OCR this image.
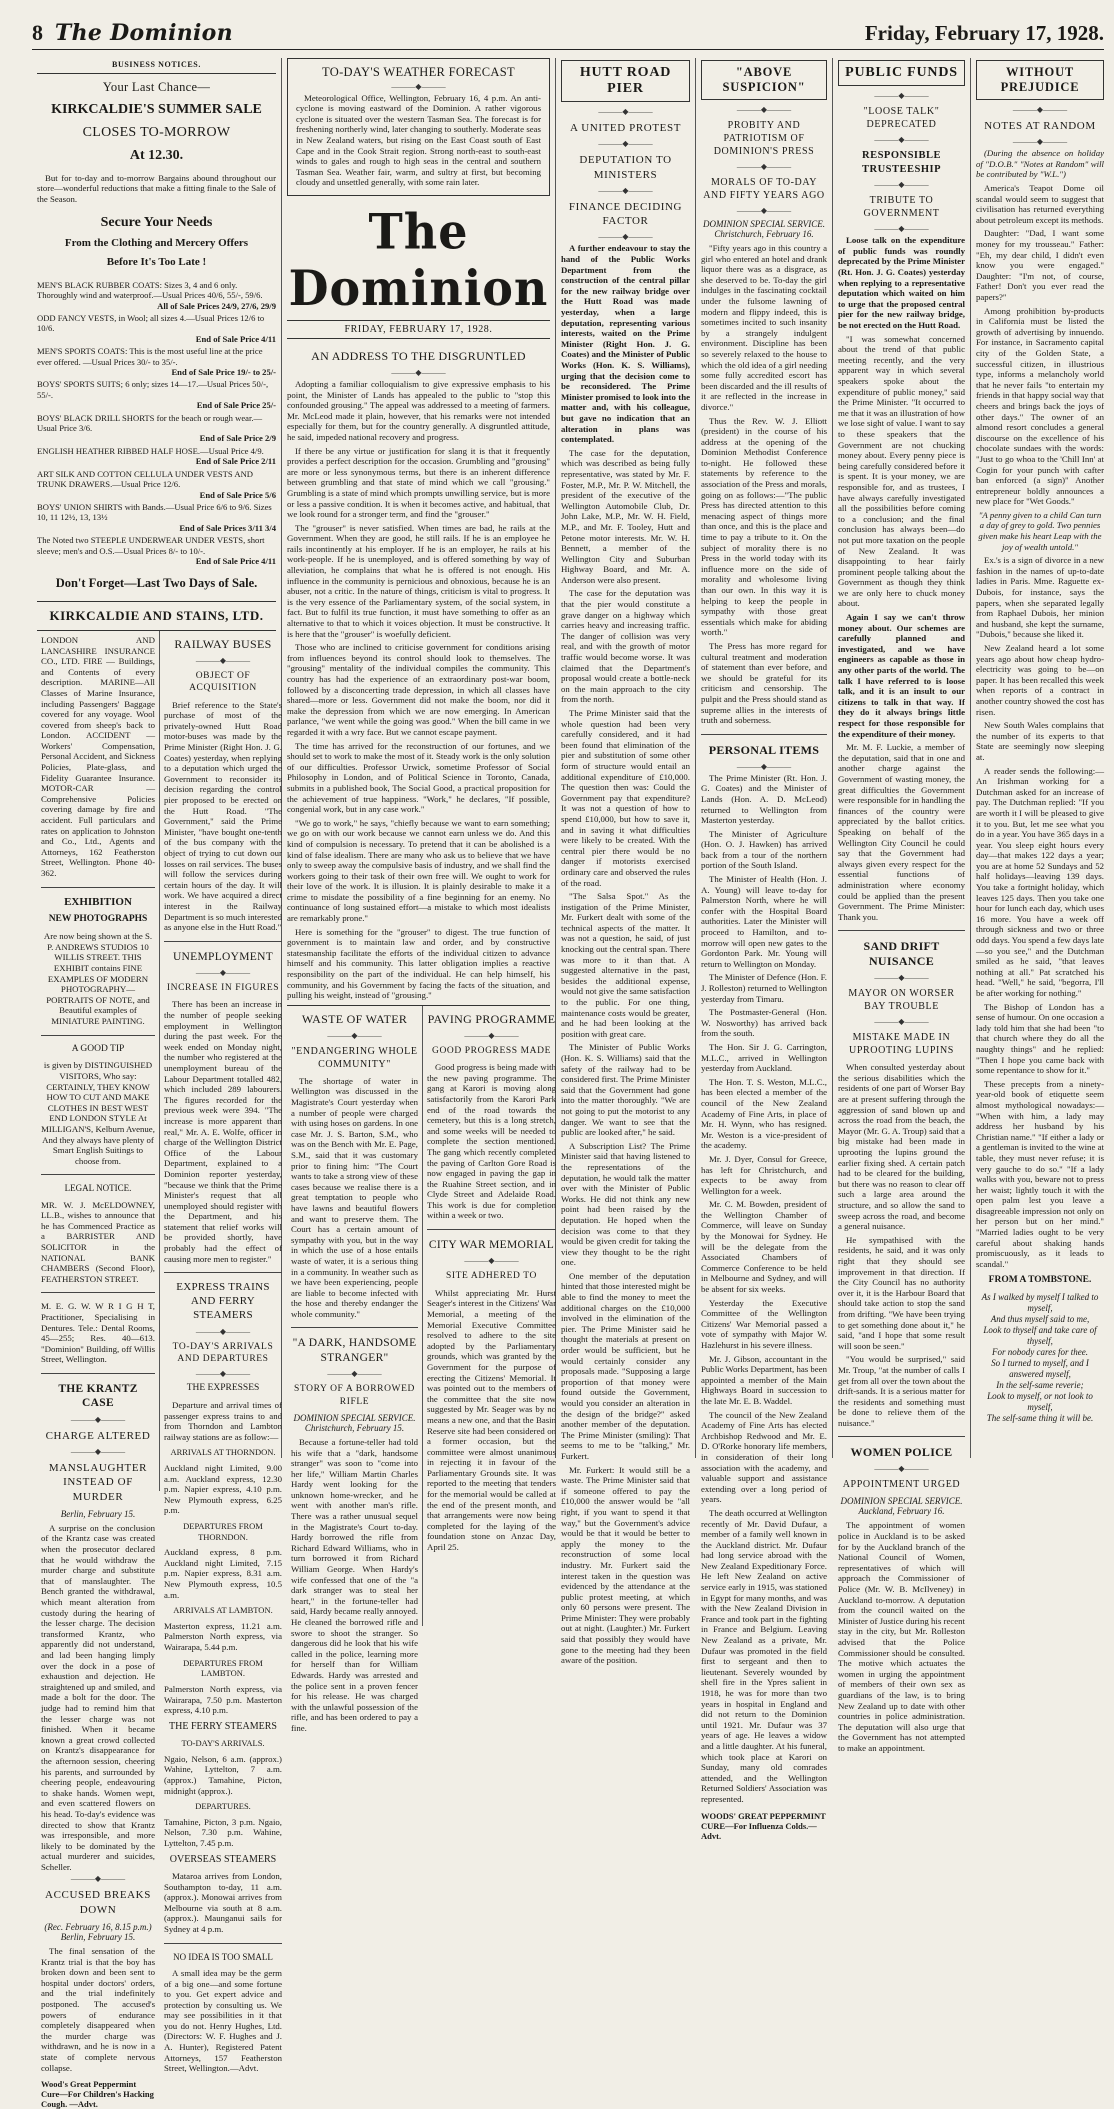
8 The Dominion	Friday, February 17, 1928.
BUSINESS NOTICES.
Your Last Chance—
KIRKCALDIE'S SUMMER SALE
CLOSES TO-MORROW
At 12.30.

But for to-day and to-morrow Bargains abound throughout our store—wonderful reductions that make a fitting finale to the Sale of the Season.

Secure Your Needs
From the Clothing and Mercery Offers
Before It's Too Late !

MEN'S BLACK RUBBER COATS: Sizes 3, 4 and 6 only. Thoroughly wind and waterproof.—Usual Prices 40/6, 55/-, 59/6.

All of Sale Prices 24/9, 27/6, 29/9

ODD FANCY VESTS, in Wool; all sizes 4.—Usual Prices 12/6 to 10/6.

End of Sale Price 4/11

MEN'S SPORTS COATS: This is the most useful line at the price ever offered. —Usual Prices 30/- to 35/-.

End of Sale Price 19/- to 25/-

BOYS' SPORTS SUITS; 6 only; sizes 14—17.—Usual Prices 50/-, 55/-.

End of Sale Price 25/-

BOYS' BLACK DRILL SHORTS for the beach or rough wear.—Usual Price 3/6.

End of Sale Price 2/9

ENGLISH HEATHER RIBBED HALF HOSE.—Usual Price 4/9.

End of Sale Price 2/11

ART SILK AND COTTON CELLULA UNDER VESTS AND TRUNK DRAWERS.—Usual Price 12/6.

End of Sale Price 5/6

BOYS' UNION SHIRTS with Bands.—Usual Price 6/6 to 9/6. Sizes 10, 11 12½, 13, 13½

End of Sale Prices 3/11 3/4

The Noted two STEEPLE UNDERWEAR UNDER VESTS, short sleeve; men's and O.S.—Usual Prices 8/- to 10/-.

End of Sale Price 4/11

Don't Forget—Last Two Days of Sale.
KIRKCALDIE AND STAINS, LTD.

LONDON AND LANCASHIRE INSURANCE CO., LTD. FIRE — Buildings, and Contents of every description. MARINE—All Classes of Marine Insurance, including Passengers' Baggage covered for any voyage. Wool covered from sheep's back to London. ACCIDENT — Workers' Compensation, Personal Accident, and Sickness Policies, Plate-glass, and Fidelity Guarantee Insurance. MOTOR-CAR — Comprehensive Policies covering damage by fire and accident. Full particulars and rates on application to Johnston and Co., Ltd., Agents and Attorneys, 162 Featherston Street, Wellington. Phone 40-362.

EXHIBITION
NEW PHOTOGRAPHS

Are now being shown at the S. P. ANDREWS STUDIOS 10 WILLIS STREET. THIS EXHIBIT contains FINE EXAMPLES OF MODERN PHOTOGRAPHY—PORTRAITS OF NOTE, and Beautiful examples of MINIATURE PAINTING.

A GOOD TIP

is given by DISTINGUISHED VISITORS, Who say: CERTAINLY, THEY KNOW HOW TO CUT AND MAKE CLOTHES IN BEST WEST END LONDON STYLE At MILLIGAN'S, Kelburn Avenue, And they always have plenty of Smart English Suitings to choose from.

LEGAL NOTICE.

MR. W. J. McELDOWNEY, LL.B., wishes to announce that he has Commenced Practice as a BARRISTER AND SOLICITOR in the NATIONAL BANK CHAMBERS (Second Floor), FEATHERSTON STREET.

M. E. G. W. W R I G H T, Practitioner, Specialising in Dentures. Tele.: Dental Rooms, 45—255; Res. 40—613. "Dominion" Building, off Willis Street, Wellington.

THE KRANTZ CASE
———◆———
CHARGE ALTERED
———◆———
MANSLAUGHTER INSTEAD OF MURDER
Berlin, February 15.

A surprise on the conclusion of the Krantz case was created when the prosecutor declared that he would withdraw the murder charge and substitute that of manslaughter. The Bench granted the withdrawal, which meant alteration from custody during the hearing of the lesser charge. The decision transformed Krantz, who apparently did not understand, and lad been hanging limply over the dock in a pose of exhaustion and dejection. He straightened up and smiled, and made a bolt for the door. The judge had to remind him that the lesser charge was not finished. When it became known a great crowd collected on Krantz's disappearance for the afternoon session, cheering his parents, and surrounded by cheering people, endeavouring to shake hands. Women wept, and even scattered flowers on his head. To-day's evidence was directed to show that Krantz was irresponsible, and more likely to be dominated by the actual murderer and suicides, Scheller.

———◆———
ACCUSED BREAKS DOWN
(Rec. February 16, 8.15 p.m.) Berlin, February 15.

The final sensation of the Krantz trial is that the boy has broken down and been sent to hospital under doctors' orders, and the trial indefinitely postponed. The accused's powers of endurance completely disappeared when the murder charge was withdrawn, and he is now in a state of complete nervous collapse.

Wood's Great Peppermint Cure—For Children's Hacking Cough. —Advt.
RAILWAY BUSES
———◆———
OBJECT OF ACQUISITION

Brief reference to the State's purchase of most of the privately-owned Hutt Road motor-buses was made by the Prime Minister (Right Hon. J. G. Coates) yesterday, when replying to a deputation which urged the Government to reconsider its decision regarding the control pier proposed to be erected on the Hutt Road. "The Government," said the Prime Minister, "have bought one-tenth of the bus company with the object of trying to cut down our losses on rail services. The buses will follow the services during certain hours of the day. It will work. We have acquired a direct interest in the Railway Department is so much interested as anyone else in the Hutt Road."

UNEMPLOYMENT
———◆———
INCREASE IN FIGURES

There has been an increase in the number of people seeking employment in Wellington during the past week. For the week ended on Monday night, the number who registered at the unemployment bureau of the Labour Department totalled 482, which included 289 labourers. The figures recorded for the previous week were 394. "The increase is more apparent than real," Mr. A. E. Wolfe, officer in charge of the Wellington District Office of the Labour Department, explained to a Dominion reporter yesterday, "because we think that the Prime Minister's request that all unemployed should register with the Department, and his statement that relief works will be provided shortly, have probably had the effect of causing more men to register."

EXPRESS TRAINS AND FERRY STEAMERS
———◆———
TO-DAY'S ARRIVALS AND DEPARTURES
———◆———
THE EXPRESSES

Departure and arrival times of passenger express trains to and from Thorndon and Lambton railway stations are as follow:—

ARRIVALS AT THORNDON.

Auckland night Limited, 9.00 a.m. Auckland express, 12.30 p.m. Napier express, 4.10 p.m. New Plymouth express, 6.25 p.m.

DEPARTURES FROM THORNDON.

Auckland express, 8 p.m. Auckland night Limited, 7.15 p.m. Napier express, 8.31 a.m. New Plymouth express, 10.5 a.m.

ARRIVALS AT LAMBTON.

Masterton express, 11.21 a.m. Palmerston North express, via Wairarapa, 5.44 p.m.

DEPARTURES FROM LAMBTON.

Palmerston North express, via Wairarapa, 7.50 p.m. Masterton express, 4.10 p.m.

THE FERRY STEAMERS
TO-DAY'S ARRIVALS.

Ngaio, Nelson, 6 a.m. (approx.) Wahine, Lyttelton, 7 a.m. (approx.) Tamahine, Picton, midnight (approx.).

DEPARTURES.

Tamahine, Picton, 3 p.m. Ngaio, Nelson, 7.30 p.m. Wahine, Lyttelton, 7.45 p.m.

OVERSEAS STEAMERS

Mataroa arrives from London, Southampton to-day, 11 a.m. (approx.). Monowai arrives from Melbourne via south at 8 a.m. (approx.). Maunganui sails for Sydney at 4 p.m.

NO IDEA IS TOO SMALL

A small idea may be the germ of a big one—and some fortune to you. Get expert advice and protection by consulting us. We may see possibilities in it that you do not. Henry Hughes, Ltd. (Directors: W. F. Hughes and J. A. Hunter), Registered Patent Attorneys, 157 Featherston Street, Wellington.—Advt.

TO-DAY'S WEATHER FORECAST
———◆———

Meteorological Office, Wellington, February 16, 4 p.m. An anti-cyclone is moving eastward of the Dominion. A rather vigorous cyclone is situated over the western Tasman Sea. The forecast is for freshening northerly wind, later changing to southerly. Moderate seas in New Zealand waters, but rising on the East Coast south of East Cape and in the Cook Strait region. Strong north-east to south-east winds to gales and rough to high seas in the central and southern Tasman Sea. Weather fair, warm, and sultry at first, but becoming cloudy and unsettled generally, with some rain later.

The Dominion
FRIDAY, FEBRUARY 17, 1928.
AN ADDRESS TO THE DISGRUNTLED
———◆———

Adopting a familiar colloquialism to give expressive emphasis to his point, the Minister of Lands has appealed to the public to "stop this confounded grousing." The appeal was addressed to a meeting of farmers. Mr. McLeod made it plain, however, that his remarks were not intended especially for them, but for the country generally. A disgruntled attitude, he said, impeded national recovery and progress.

If there be any virtue or justification for slang it is that it frequently provides a perfect description for the occasion. Grumbling and "grousing" are more or less synonymous terms, but there is an inherent difference between grumbling and that state of mind which we call "grousing." Grumbling is a state of mind which prompts unwilling service, but is more or less a passive condition. It is when it becomes active, and habitual, that we look round for a stronger term, and find the "grouser."

The "grouser" is never satisfied. When times are bad, he rails at the Government. When they are good, he still rails. If he is an employee he rails incontinently at his employer. If he is an employer, he rails at his work-people. If he is unemployed, and is offered something by way of alleviation, he complains that what he is offered is not enough. His influence in the community is pernicious and obnoxious, because he is an abuser, not a critic. In the nature of things, criticism is vital to progress. It is the very essence of the Parliamentary system, of the social system, in fact. But to fulfil its true function, it must have something to offer as an alternative to that to which it voices objection. It must be constructive. It is here that the "grouser" is woefully deficient.

Those who are inclined to criticise government for conditions arising from influences beyond its control should look to themselves. The "grousing" mentality of the individual compiles the community. This country has had the experience of an extraordinary post-war boom, followed by a disconcerting trade depression, in which all classes have shared—more or less. Government did not make the boom, nor did it make the depression from which we are now emerging. In American parlance, "we went while the going was good." When the bill came in we regarded it with a wry face. But we cannot escape payment.

The time has arrived for the reconstruction of our fortunes, and we should set to work to make the most of it. Steady work is the only solution of our difficulties. Professor Urwick, sometime Professor of Social Philosophy in London, and of Political Science in Toronto, Canada, submits in a published book, The Social Good, a practical proposition for the achievement of true happiness. "Work," he declares, "If possible, congenial work, but in any case work."

"We go to work," he says, "chiefly because we want to earn something; we go on with our work because we cannot earn unless we do. And this kind of compulsion is necessary. To pretend that it can be abolished is a kind of false idealism. There are many who ask us to believe that we have only to sweep away the compulsive basis of industry, and we shall find the workers going to their task of their own free will. We ought to work for their love of the work. It is illusion. It is plainly desirable to make it a crime to misdate the possibility of a fine beginning for an enemy. No continuance of long sustained effort—a mistake to which most idealists are remarkably prone."

Here is something for the "grouser" to digest. The true function of government is to maintain law and order, and by constructive statesmanship facilitate the efforts of the individual citizen to advance himself and his community. This latter obligation implies a reactive responsibility on the part of the individual. He can help himself, his community, and his Government by facing the facts of the situation, and pulling his weight, instead of "grousing."

WASTE OF WATER
———◆———
"ENDANGERING WHOLE COMMUNITY"

The shortage of water in Wellington was discussed in the Magistrate's Court yesterday when a number of people were charged with using hoses on gardens. In one case Mr. J. S. Barton, S.M., who was on the Bench with Mr. E. Page, S.M., said that it was customary prior to fining him: "The Court wants to take a strong view of these cases because we realise there is a great temptation to people who have lawns and beautiful flowers and want to preserve them. The Court has a certain amount of sympathy with you, but in the way in which the use of a hose entails waste of water, it is a serious thing in a community. In weather such as we have been experiencing, people are liable to become infected with the hose and thereby endanger the whole community."

"A DARK, HANDSOME STRANGER"
———◆———
STORY OF A BORROWED RIFLE
DOMINION SPECIAL SERVICE. Christchurch, February 15.

Because a fortune-teller had told his wife that a "dark, handsome stranger" was soon to "come into her life," William Martin Charles Hardy went looking for the unknown home-wrecker, and he went with another man's rifle. There was a rather unusual sequel in the Magistrate's Court to-day. Hardy borrowed the rifle from Richard Edward Williams, who in turn borrowed it from Richard William George. When Hardy's wife confessed that one of the "a dark stranger was to steal her heart," in the fortune-teller had said, Hardy became really annoyed. He cleaned the borrowed rifle and swore to shoot the stranger. So dangerous did he look that his wife called in the police, learning more for herself than for William Edwards. Hardy was arrested and the police sent in a proven fencer for his release. He was charged with the unlawful possession of the rifle, and has been ordered to pay a fine.

PAVING PROGRAMME
———◆———
GOOD PROGRESS MADE

Good progress is being made with the new paving programme. The gang at Karori is moving along satisfactorily from the Karori Park end of the road towards the cemetery, but this is a long stretch, and some weeks will be needed to complete the section mentioned. The gang which recently completed the paving of Carlton Gore Road is now engaged in paving the gap in the Ruahine Street section, and in Clyde Street and Adelaide Road. This work is due for completion within a week or two.

CITY WAR MEMORIAL
———◆———
SITE ADHERED TO

Whilst appreciating Mr. Hurst Seager's interest in the Citizens' War Memorial, a meeting of the Memorial Executive Committee resolved to adhere to the site adopted by the Parliamentary grounds, which was granted by the Government for the purpose of erecting the Citizens' Memorial. It was pointed out to the members of the committee that the site now suggested by Mr. Seager was by no means a new one, and that the Basin Reserve site had been considered on a former occasion, but the committee were almost unanimous in rejecting it in favour of the Parliamentary Grounds site. It was reported to the meeting that tenders for the memorial would be called at the end of the present month, and that arrangements were now being completed for the laying of the foundation stone on Anzac Day, April 25.

HUTT ROAD PIER
———◆———
A UNITED PROTEST
———◆———
DEPUTATION TO MINISTERS
———◆———
FINANCE DECIDING FACTOR
———◆———

A further endeavour to stay the hand of the Public Works Department from the construction of the central pillar for the new railway bridge over the Hutt Road was made yesterday, when a large deputation, representing various interests, waited on the Prime Minister (Right Hon. J. G. Coates) and the Minister of Public Works (Hon. K. S. Williams), urging that the decision come to be reconsidered. The Prime Minister promised to look into the matter and, with his colleague, but gave no indication that an alteration in plans was contemplated.

The case for the deputation, which was described as being fully representative, was stated by Mr. F. Foster, M.P., Mr. P. W. Mitchell, the president of the executive of the Wellington Automobile Club, Dr. John Lake, M.P., Mr. W. H. Field, M.P., and Mr. F. Tooley, Hutt and Petone motor interests. Mr. W. H. Bennett, a member of the Wellington City and Suburban Highway Board, and Mr. A. Anderson were also present.

The case for the deputation was that the pier would constitute a grave danger on a highway which carries heavy and increasing traffic. The danger of collision was very real, and with the growth of motor traffic would become worse. It was claimed that the Department's proposal would create a bottle-neck on the main approach to the city from the north.

The Prime Minister said that the whole question had been very carefully considered, and it had been found that elimination of the pier and substitution of some other form of structure would entail an additional expenditure of £10,000. The question then was: Could the Government pay that expenditure? It was not a question of how to spend £10,000, but how to save it, and in saving it what difficulties were likely to be created. With the central pier there would be no danger if motorists exercised ordinary care and observed the rules of the road.

"The Salsa Spot." As the instigation of the Prime Minister, Mr. Furkert dealt with some of the technical aspects of the matter. It was not a question, he said, of just knocking out the central span. There was more to it than that. A suggested alternative in the past, besides the additional expense, would not give the same satisfaction to the public. For one thing, maintenance costs would be greater, and he had been looking at the position with great care.

The Minister of Public Works (Hon. K. S. Williams) said that the safety of the railway had to be considered first. The Prime Minister said that the Government had gone into the matter thoroughly. "We are not going to put the motorist to any danger. We want to see that the public are looked after," he said.

A Subscription List? The Prime Minister said that having listened to the representations of the deputation, he would talk the matter over with the Minister of Public Works. He did not think any new point had been raised by the deputation. He hoped when the decision was come to that they would be given credit for taking the view they thought to be the right one.

One member of the deputation hinted that those interested might be able to find the money to meet the additional charges on the £10,000 involved in the elimination of the pier. The Prime Minister said he thought the materials at present on order would be sufficient, but he would certainly consider any proposals made. "Supposing a large proportion of that money were found outside the Government, would you consider an alteration in the design of the bridge?" asked another member of the deputation. The Prime Minister (smiling): That seems to me to be "talking," Mr. Furkert.

Mr. Furkert: It would still be a waste. The Prime Minister said that if someone offered to pay the £10,000 the answer would be "all right, if you want to spend it that way," but the Government's advice would be that it would be better to apply the money to the reconstruction of some local industry. Mr. Furkert said the interest taken in the question was evidenced by the attendance at the public protest meeting, at which only 60 persons were present. The Prime Minister: They were probably out at night. (Laughter.) Mr. Furkert said that possibly they would have gone to the meeting had they been aware of the position.

"ABOVE SUSPICION"
———◆———
PROBITY AND PATRIOTISM OF DOMINION'S PRESS
———◆———
MORALS OF TO-DAY AND FIFTY YEARS AGO
———◆———
DOMINION SPECIAL SERVICE. Christchurch, February 16.

"Fifty years ago in this country a girl who entered an hotel and drank liquor there was as a disgrace, as she deserved to be. To-day the girl indulges in the fascinating cocktail under the fulsome lawning of modern and flippy indeed, this is sometimes incited to such insanity by a strangely indulgent environment. Discipline has been so severely relaxed to the house to which the old idea of a girl needing some fully accredited escort has been discarded and the ill results of it are reflected in the increase in divorce."

Thus the Rev. W. J. Elliott (president) in the course of his address at the opening of the Dominion Methodist Conference to-night. He followed these statements by reference to the association of the Press and morals, going on as follows:—"The public Press has directed attention to this menacing aspect of things more than once, and this is the place and time to pay a tribute to it. On the subject of morality there is no Press in the world today with its influence more on the side of morality and wholesome living than our own. In this way it is helping to keep the people in sympathy with those great essentials which make for abiding worth."

The Press has more regard for cultural treatment and moderation of statement than ever before, and we should be grateful for its criticism and censorship. The pulpit and the Press should stand as supreme allies in the interests of truth and soberness.

PERSONAL ITEMS
———◆———

The Prime Minister (Rt. Hon. J. G. Coates) and the Minister of Lands (Hon. A. D. McLeod) returned to Wellington from Masterton yesterday.

The Minister of Agriculture (Hon. O. J. Hawken) has arrived back from a tour of the northern portion of the South Island.

The Minister of Health (Hon. J. A. Young) will leave to-day for Palmerston North, where he will confer with the Hospital Board authorities. Later the Minister will proceed to Hamilton, and to-morrow will open new gates to the Gordonton Park. Mr. Young will return to Wellington on Monday.

The Minister of Defence (Hon. F. J. Rolleston) returned to Wellington yesterday from Timaru.

The Postmaster-General (Hon. W. Nosworthy) has arrived back from the south.

The Hon. Sir J. G. Carrington, M.L.C., arrived in Wellington yesterday from Auckland.

The Hon. T. S. Weston, M.L.C., has been elected a member of the council of the New Zealand Academy of Fine Arts, in place of Mr. H. Wynn, who has resigned. Mr. Weston is a vice-president of the academy.

Mr. J. Dyer, Consul for Greece, has left for Christchurch, and expects to be away from Wellington for a week.

Mr. C. M. Bowden, president of the Wellington Chamber of Commerce, will leave on Sunday by the Monowai for Sydney. He will be the delegate from the Associated Chambers of Commerce Conference to be held in Melbourne and Sydney, and will be absent for six weeks.

Yesterday the Executive Committee of the Wellington Citizens' War Memorial passed a vote of sympathy with Major W. Hazlehurst in his severe illness.

Mr. J. Gibson, accountant in the Public Works Department, has been appointed a member of the Main Highways Board in succession to the late Mr. E. B. Waddel.

The council of the New Zealand Academy of Fine Arts has elected Archbishop Redwood and Mr. E. D. O'Rorke honorary life members, in consideration of their long association with the academy, and valuable support and assistance extending over a long period of years.

The death occurred at Wellington recently of Mr. David Dufaur, a member of a family well known in the Auckland district. Mr. Dufaur had long service abroad with the New Zealand Expeditionary Force. He left New Zealand on active service early in 1915, was stationed in Egypt for many months, and was with the New Zealand Division in France and took part in the fighting in France and Belgium. Leaving New Zealand as a private, Mr. Dufaur was promoted in the field first to sergeant and then to lieutenant. Severely wounded by shell fire in the Ypres salient in 1918, he was for more than two years in hospital in England and did not return to the Dominion until 1921. Mr. Dufaur was 37 years of age. He leaves a widow and a little daughter. At his funeral, which took place at Karori on Sunday, many old comrades attended, and the Wellington Returned Soldiers' Association was represented.

WOODS' GREAT PEPPERMINT CURE—For Influenza Colds.—Advt.
PUBLIC FUNDS
———◆———
"LOOSE TALK" DEPRECATED
———◆———
RESPONSIBLE TRUSTEESHIP
———◆———
TRIBUTE TO GOVERNMENT
———◆———

Loose talk on the expenditure of public funds was roundly deprecated by the Prime Minister (Rt. Hon. J. G. Coates) yesterday when replying to a representative deputation which waited on him to urge that the proposed central pier for the new railway bridge, be not erected on the Hutt Road.

"I was somewhat concerned about the trend of that public meeting recently, and the very apparent way in which several speakers spoke about the expenditure of public money," said the Prime Minister. "It occurred to me that it was an illustration of how we lose sight of value. I want to say to these speakers that the Government are not chucking money about. Every penny piece is being carefully considered before it is spent. It is your money, we are responsible for, and as trustees, I have always carefully investigated all the possibilities before coming to a conclusion; and the final conclusion has always been—do not put more taxation on the people of New Zealand. It was disappointing to hear fairly prominent people talking about the Government as though they think we are only here to chuck money about.

Again I say we can't throw money about. Our schemes are carefully planned and investigated, and we have engineers as capable as those in any other parts of the world. The talk I have referred to is loose talk, and it is an insult to our citizens to talk in that way. If they do it always brings little respect for those responsible for the expenditure of their money.

Mr. M. F. Luckie, a member of the deputation, said that in one and another charge against the Government of wasting money, the great difficulties the Government were responsible for in handling the finances of the country were appreciated by the ballot critics. Speaking on behalf of the Wellington City Council he could say that the Government had always given every respect for the essential functions of administration where economy could be applied than the present Government. The Prime Minister: Thank you.

SAND DRIFT NUISANCE
———◆———
MAYOR ON WORSER BAY TROUBLE
———◆———
MISTAKE MADE IN UPROOTING LUPINS

When consulted yesterday about the serious disabilities which the residents of one part of Worser Bay are at present suffering through the aggression of sand blown up and across the road from the beach, the Mayor (Mr. G. A. Troup) said that a big mistake had been made in uprooting the lupins ground the earlier fixing shed. A certain patch had to be cleared for the building, but there was no reason to clear off such a large area around the structure, and so allow the sand to sweep across the road, and become a general nuisance.

He sympathised with the residents, he said, and it was only right that they should see improvement in that direction. If the City Council has no authority over it, it is the Harbour Board that should take action to stop the sand from drifting. "We have been trying to get something done about it," he said, "and I hope that some result will soon be seen."

"You would be surprised," said Mr. Troup, "at the number of calls I get from all over the town about the drift-sands. It is a serious matter for the residents and something must be done to relieve them of the nuisance."

WOMEN POLICE
———◆———
APPOINTMENT URGED
DOMINION SPECIAL SERVICE. Auckland, February 16.

The appointment of women police in Auckland is to be asked for by the Auckland branch of the National Council of Women, representatives of which will approach the Commissioner of Police (Mr. W. B. McIlveney) in Auckland to-morrow. A deputation from the council waited on the Minister of Justice during his recent stay in the city, but Mr. Rolleston advised that the Police Commissioner should be consulted. The motive which actuates the women in urging the appointment of members of their own sex as guardians of the law, is to bring New Zealand up to date with other countries in police administration. The deputation will also urge that the Government has not attempted to make an appointment.

WITHOUT PREJUDICE
———◆———
NOTES AT RANDOM
———◆———

(During the absence on holiday of "D.O.B." "Notes at Random" will be contributed by "W.L.")

America's Teapot Dome oil scandal would seem to suggest that civilisation has returned everything about petroleum except its methods.

Daughter: "Dad, I want some money for my trousseau." Father: "Eh, my dear child, I didn't even know you were engaged." Daughter: "I'm not, of course, Father! Don't you ever read the papers?"

Among prohibition by-products in California must be listed the growth of advertising by innuendo. For instance, in Sacramento capital city of the Golden State, a successful citizen, in illustrious type, informs a melancholy world that he never fails "to entertain my friends in that happy social way that cheers and brings back the joys of other days." The owner of an almond resort concludes a general discourse on the excellence of his chocolate sundaes with the words: "Just to go whoa to the 'Chill Inn' at Cogin for your punch with cafter ban enforced (a sign)" Another entrepreneur boldly announces a new place for "Wet Goods."

"A penny given to a child Can turn a day of grey to gold. Two pennies given make his heart Leap with the joy of wealth untold."

Ex.'s is a sign of divorce in a new fashion in the names of up-to-date ladies in Paris. Mme. Raguette ex-Dubois, for instance, says the papers, when she separated legally from Raphael Dubois, her minion and husband, she kept the surname, "Dubois," because she liked it.

New Zealand heard a lot some years ago about how cheap hydro-electricity was going to be—on paper. It has been recalled this week when reports of a contract in another country showed the cost has risen.

New South Wales complains that the number of its experts to that State are seemingly now sleeping at.

A reader sends the following:—An Irishman working for a Dutchman asked for an increase of pay. The Dutchman replied: "If you are worth it I will be pleased to give it to you. But, let me see what you do in a year. You have 365 days in a year. You sleep eight hours every day—that makes 122 days a year; you are at home 52 Sundays and 52 half holidays—leaving 139 days. You take a fortnight holiday, which leaves 125 days. Then you take one hour for lunch each day, which uses 16 more. You have a week off through sickness and two or three odd days. You spend a few days late—so you see," and the Dutchman smiled as he said, "that leaves nothing at all." Pat scratched his head. "Well," he said, "begorra, I'll be after working for nothing."

The Bishop of London has a sense of humour. On one occasion a lady told him that she had been "to that church where they do all the naughty things" and he replied: "Then I hope you came back with some repentance to show for it."

These precepts from a ninety-year-old book of etiquette seem almost mythological nowadays:— "When with him, a lady may address her husband by his Christian name." "If either a lady or a gentleman is invited to the wine at table, they must never refuse; it is very gauche to do so." "If a lady walks with you, beware not to press her waist; lightly touch it with the open palm lest you leave a disagreeable impression not only on her person but on her mind." "Married ladies ought to be very careful about shaking hands promiscuously, as it leads to scandal."

FROM A TOMBSTONE.

As I walked by myself I talked to myself,

And thus myself said to me,

Look to thyself and take care of thyself,

For nobody cares for thee.

So I turned to myself, and I answered myself,

In the self-same reverie;

Look to myself, or not look to myself,

The self-same thing it will be.
